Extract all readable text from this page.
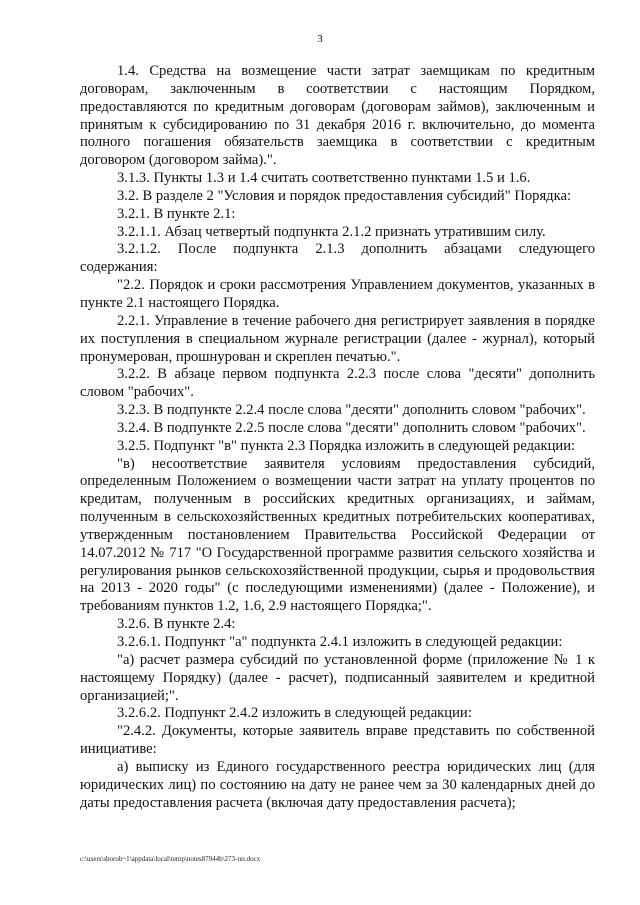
3

1.4. Средства на возмещение части затрат заемщикам по кредитным договорам, заключенным в соответствии с настоящим Порядком, предоставляются по кредитным договорам (договорам займов), заключенным и принятым к субсидированию по 31 декабря 2016 г. включительно, до момента полного погашения обязательств заемщика в соответствии с кредитным договором (договором займа).".

3.1.3. Пункты 1.3 и 1.4 считать соответственно пунктами 1.5 и 1.6.

3.2. В разделе 2 "Условия и порядок предоставления субсидий" Порядка:

3.2.1. В пункте 2.1:

3.2.1.1. Абзац четвертый подпункта 2.1.2 признать утратившим силу.

3.2.1.2. После подпункта 2.1.3 дополнить абзацами следующего содержания:

"2.2. Порядок и сроки рассмотрения Управлением документов, указанных в пункте 2.1 настоящего Порядка.

2.2.1. Управление в течение рабочего дня регистрирует заявления в порядке их поступления в специальном журнале регистрации (далее - журнал), который пронумерован, прошнурован и скреплен печатью.".

3.2.2. В абзаце первом подпункта 2.2.3 после слова "десяти" дополнить словом "рабочих".

3.2.3. В подпункте 2.2.4 после слова "десяти" дополнить словом "рабочих".

3.2.4. В подпункте 2.2.5 после слова "десяти" дополнить словом "рабочих".

3.2.5. Подпункт "в" пункта 2.3 Порядка изложить в следующей редакции:

"в) несоответствие заявителя условиям предоставления субсидий, определенным Положением о возмещении части затрат на уплату процентов по кредитам, полученным в российских кредитных организациях, и займам, полученным в сельскохозяйственных кредитных потребительских кооперативах, утвержденным постановлением Правительства Российской Федерации от 14.07.2012 № 717 "О Государственной программе развития сельского хозяйства и регулирования рынков сельскохозяйственной продукции, сырья и продовольствия на 2013 - 2020 годы" (с последующими изменениями) (далее - Положение), и требованиям пунктов 1.2, 1.6, 2.9 настоящего Порядка;".

3.2.6. В пункте 2.4:

3.2.6.1. Подпункт "а" подпункта 2.4.1 изложить в следующей редакции:

"а) расчет размера субсидий по установленной форме (приложение № 1 к настоящему Порядку) (далее - расчет), подписанный заявителем и кредитной организацией;".

3.2.6.2. Подпункт 2.4.2 изложить в следующей редакции:

"2.4.2. Документы, которые заявитель вправе представить по собственной инициативе:

а) выписку из Единого государственного реестра юридических лиц (для юридических лиц) по состоянию на дату не ранее чем за 30 календарных дней до даты предоставления расчета (включая дату предоставления расчета);

c:\users\sborob~1\appdata\local\temp\notes87944b\273-пп.docx
